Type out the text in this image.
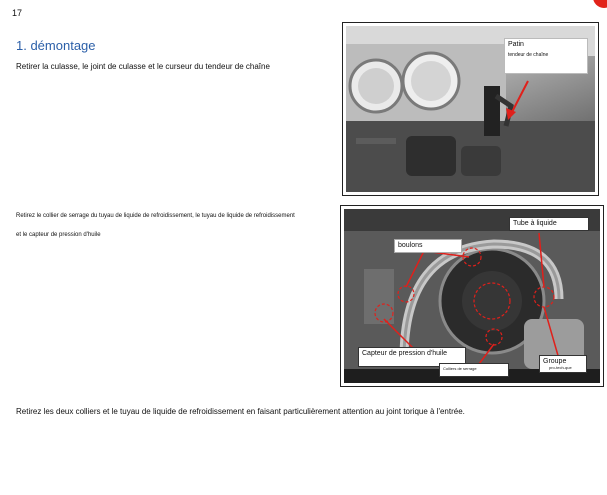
17
1. démontage
Retirer la culasse, le joint de culasse et le curseur du tendeur de chaîne
Patin
tendeur de chaîne
Retirez le collier de serrage du tuyau de liquide de refroidissement, le tuyau de liquide de refroidissement
et le capteur de pression d'huile
Tube à liquide
boulons
Capteur de pression d'huile
Colliers de serrage
Groupe
pro-tech-que
Retirez les deux colliers et le tuyau de liquide de refroidissement en faisant particulièrement attention au joint torique à l'entrée.
